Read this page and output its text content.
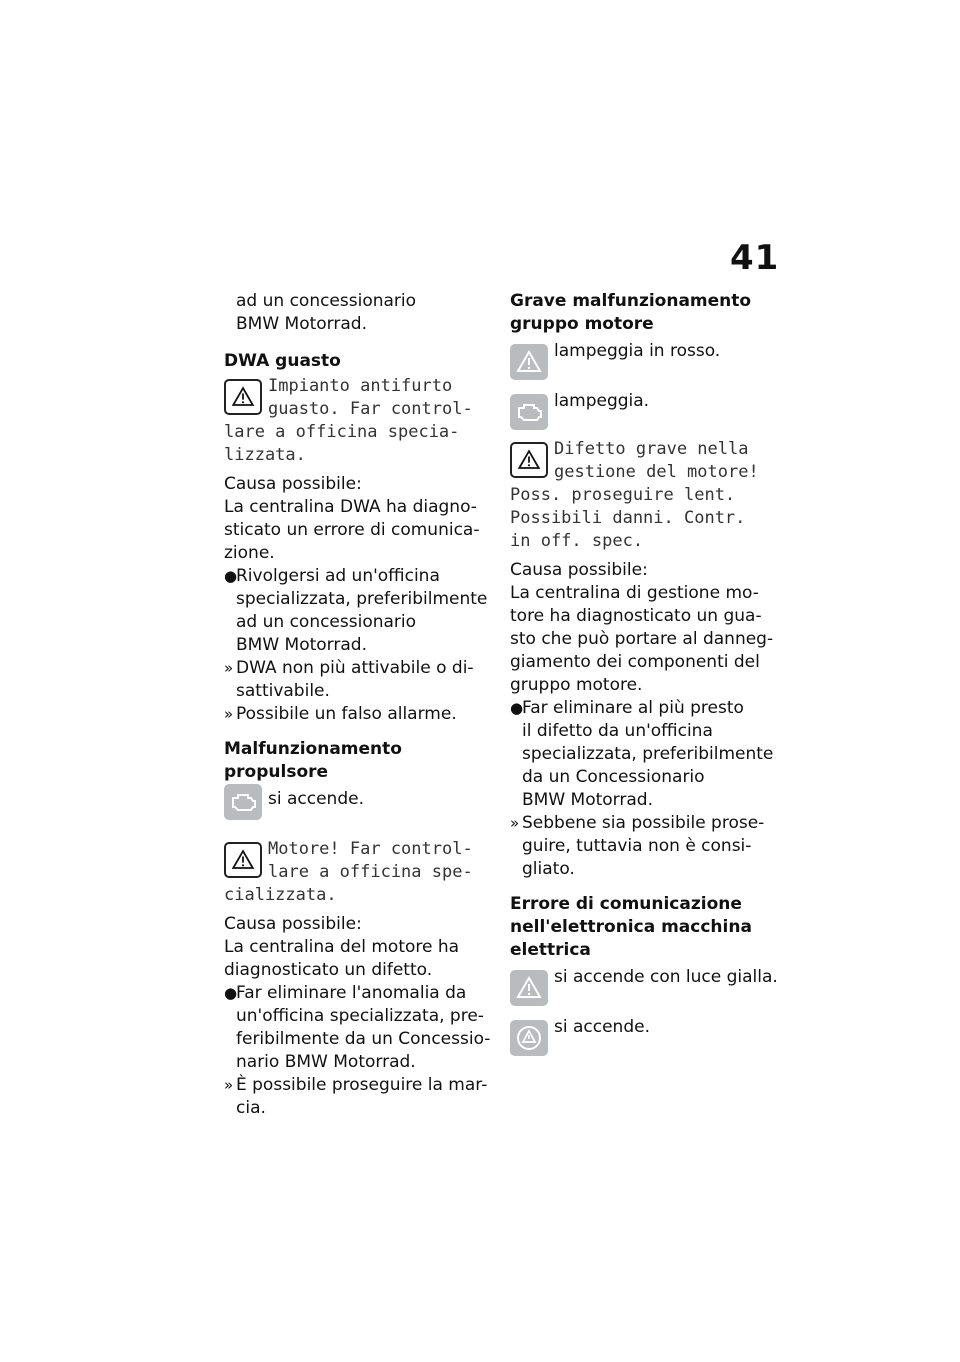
41

ad un concessionario

BMW Motorrad.

DWA guasto
Impianto antifurto
guasto. Far control-
lare a officina specia-
lizzata.

Causa possibile:

La centralina DWA ha diagno-

sticato un errore di comunica-

zione.

●
Rivolgersi ad un'officina
specializzata, preferibilmente
ad un concessionario
BMW Motorrad.
» DWA non più attivabile o di-
sattivabile.
» Possibile un falso allarme.
Malfunzionamento propulsore
si accende.
Motore! Far control-
lare a officina spe-
cializzata.

Causa possibile:

La centralina del motore ha

diagnosticato un difetto.

●
Far eliminare l'anomalia da
un'officina specializzata, pre-
feribilmente da un Concessio-
nario BMW Motorrad.
» È possibile proseguire la mar-
cia.
Grave malfunzionamento
gruppo motore
lampeggia in rosso.
lampeggia.
Difetto grave nella
gestione del motore!
Poss. proseguire lent.
Possibili danni. Contr.
in off. spec.

Causa possibile:

La centralina di gestione mo-

tore ha diagnosticato un gua-

sto che può portare al danneg-

giamento dei componenti del

gruppo motore.

●
Far eliminare al più presto
il difetto da un'officina
specializzata, preferibilmente
da un Concessionario
BMW Motorrad.
» Sebbene sia possibile prose-
guire, tuttavia non è consi-
gliato.
Errore di comunicazione
nell'elettronica macchina
elettrica
si accende con luce gialla.
si accende.
